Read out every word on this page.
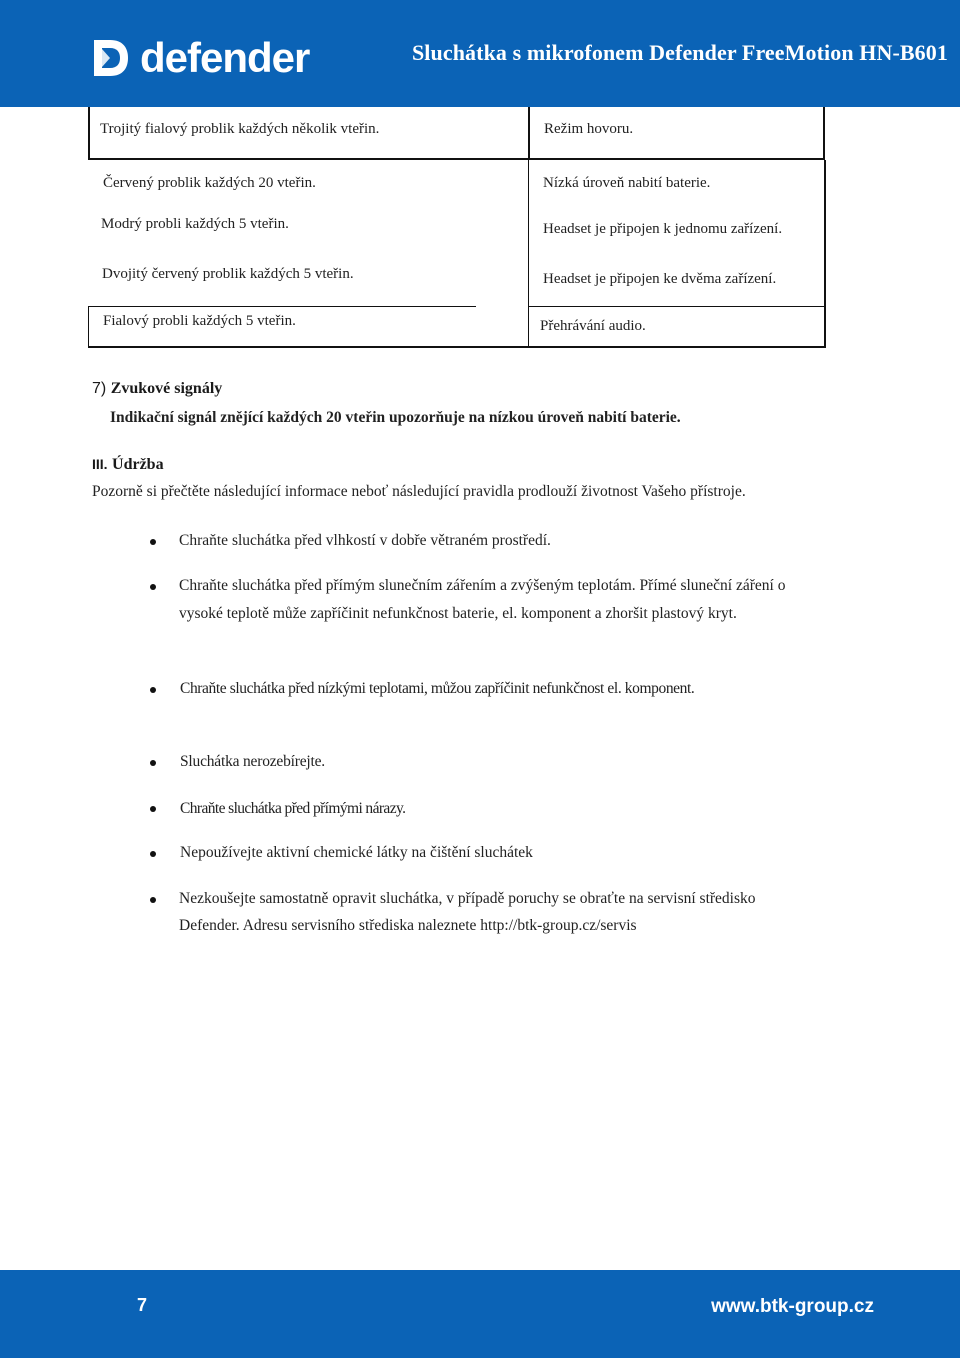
defender	Sluchátka s mikrofonem Defender FreeMotion HN-B601
Trojitý fialový problik každých několik vteřin.	Režim hovoru.
Červený problik každých 20 vteřin.	Nízká úroveň nabití baterie.
Modrý probli každých 5 vteřin.	Headset je připojen k jednomu zařízení.
Dvojitý červený problik každých 5 vteřin.	Headset je připojen ke dvěma zařízení.
Fialový probli každých 5 vteřin.	Přehrávání audio.
7) Zvukové signály
Indikační signál znějící každých 20 vteřin upozorňuje na nízkou úroveň nabití baterie.
III. Údržba
Pozorně si přečtěte následující informace neboť následující pravidla prodlouží životnost Vašeho přístroje.
Chraňte sluchátka před vlhkostí v dobře větraném prostředí.
Chraňte sluchátka před přímým slunečním zářením a zvýšeným teplotám. Přímé sluneční záření o
vysoké teplotě může zapříčinit nefunkčnost baterie, el. komponent a zhoršit plastový kryt.
Chraňte sluchátka před nízkými teplotami, můžou zapříčinit nefunkčnost el. komponent.
Sluchátka nerozebírejte.
Chraňte sluchátka před přímými nárazy.
Nepoužívejte aktivní chemické látky na čištění sluchátek
Nezkoušejte samostatně opravit sluchátka, v případě poruchy se obraťte na servisní středisko
Defender. Adresu servisního střediska naleznete http://btk-group.cz/servis
7	www.btk-group.cz
